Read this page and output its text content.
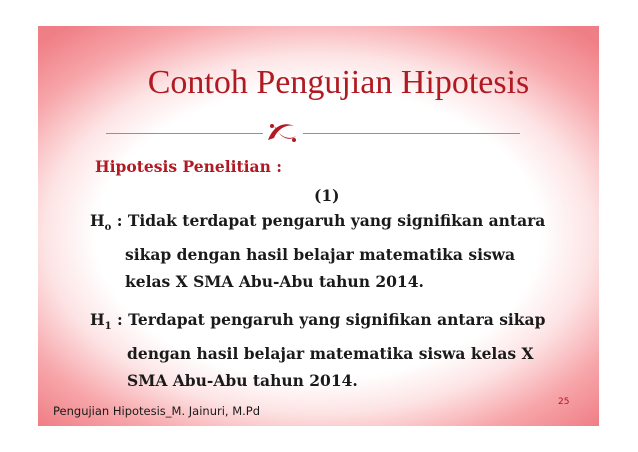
Contoh Pengujian Hipotesis
Hipotesis Penelitian :
(1)
$H_o$ : Tidak terdapat pengaruh yang signifikan antara
sikap dengan hasil belajar matematika siswa
kelas X SMA Abu-Abu tahun 2014.
$H_1$ : Terdapat pengaruh yang signifikan antara sikap
dengan hasil belajar matematika siswa kelas X
SMA Abu-Abu tahun 2014.
25
Pengujian Hipotesis_M. Jainuri, M.Pd
